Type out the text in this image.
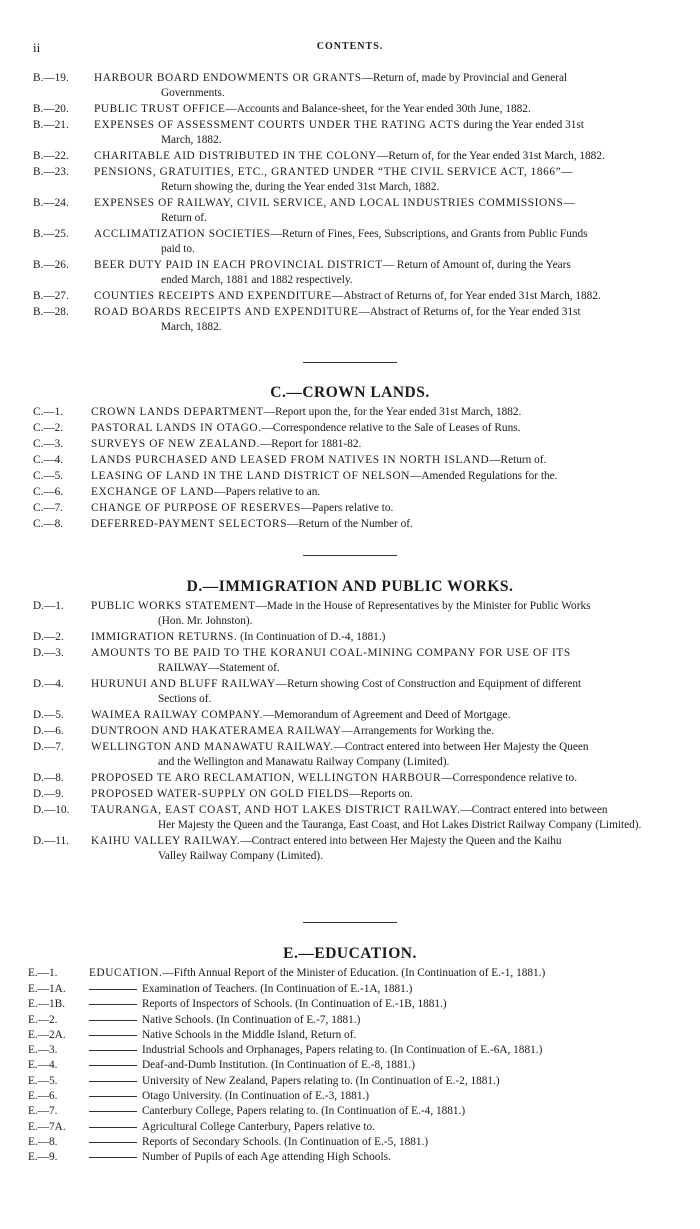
ii	CONTENTS.
B.—19. HARBOUR BOARD ENDOWMENTS OR GRANTS—Return of, made by Provincial and General
Governments.
B.—20. PUBLIC TRUST OFFICE—Accounts and Balance-sheet, for the Year ended 30th June, 1882.
B.—21. EXPENSES OF ASSESSMENT COURTS UNDER THE RATING ACTS during the Year ended 31st
March, 1882.
B.—22. CHARITABLE AID DISTRIBUTED IN THE COLONY—Return of, for the Year ended 31st March, 1882.
B.—23. PENSIONS, GRATUITIES, ETC., GRANTED UNDER “THE CIVIL SERVICE ACT, 1866”—
Return showing the, during the Year ended 31st March, 1882.
B.—24. EXPENSES OF RAILWAY, CIVIL SERVICE, AND LOCAL INDUSTRIES COMMISSIONS—
Return of.
B.—25. ACCLIMATIZATION SOCIETIES—Return of Fines, Fees, Subscriptions, and Grants from Public Funds
paid to.
B.—26. BEER DUTY PAID IN EACH PROVINCIAL DISTRICT— Return of Amount of, during the Years
ended March, 1881 and 1882 respectively.
B.—27. COUNTIES RECEIPTS AND EXPENDITURE—Abstract of Returns of, for Year ended 31st March, 1882.
B.—28. ROAD BOARDS RECEIPTS AND EXPENDITURE—Abstract of Returns of, for the Year ended 31st
March, 1882.
C.—CROWN LANDS.
C.—1. CROWN LANDS DEPARTMENT—Report upon the, for the Year ended 31st March, 1882.
C.—2. PASTORAL LANDS IN OTAGO.—Correspondence relative to the Sale of Leases of Runs.
C.—3. SURVEYS OF NEW ZEALAND.—Report for 1881-82.
C.—4. LANDS PURCHASED AND LEASED FROM NATIVES IN NORTH ISLAND—Return of.
C.—5. LEASING OF LAND IN THE LAND DISTRICT OF NELSON—Amended Regulations for the.
C.—6. EXCHANGE OF LAND—Papers relative to an.
C.—7. CHANGE OF PURPOSE OF RESERVES—Papers relative to.
C.—8. DEFERRED-PAYMENT SELECTORS—Return of the Number of.
D.—IMMIGRATION AND PUBLIC WORKS.
D.—1. PUBLIC WORKS STATEMENT—Made in the House of Representatives by the Minister for Public Works
(Hon. Mr. Johnston).
D.—2. IMMIGRATION RETURNS. (In Continuation of D.-4, 1881.)
D.—3. AMOUNTS TO BE PAID TO THE KORANUI COAL-MINING COMPANY FOR USE OF ITS
RAILWAY—Statement of.
D.—4. HURUNUI AND BLUFF RAILWAY—Return showing Cost of Construction and Equipment of different
Sections of.
D.—5. WAIMEA RAILWAY COMPANY.—Memorandum of Agreement and Deed of Mortgage.
D.—6. DUNTROON AND HAKATERAMEA RAILWAY—Arrangements for Working the.
D.—7. WELLINGTON AND MANAWATU RAILWAY.—Contract entered into between Her Majesty the Queen
and the Wellington and Manawatu Railway Company (Limited).
D.—8. PROPOSED TE ARO RECLAMATION, WELLINGTON HARBOUR—Correspondence relative to.
D.—9. PROPOSED WATER-SUPPLY ON GOLD FIELDS—Reports on.
D.—10. TAURANGA, EAST COAST, AND HOT LAKES DISTRICT RAILWAY.—Contract entered into between
Her Majesty the Queen and the Tauranga, East Coast, and Hot Lakes District Railway Company (Limited).
D.—11. KAIHU VALLEY RAILWAY.—Contract entered into between Her Majesty the Queen and the Kaihu
Valley Railway Company (Limited).
E.—EDUCATION.
E.—1.	EDUCATION.—Fifth Annual Report of the Minister of Education. (In Continuation of E.-1, 1881.)
E.—1A.	Examination of Teachers. (In Continuation of E.-1A, 1881.)
E.—1B.	Reports of Inspectors of Schools. (In Continuation of E.-1B, 1881.)
E.—2.	Native Schools. (In Continuation of E.-7, 1881.)
E.—2A.	Native Schools in the Middle Island, Return of.
E.—3.	Industrial Schools and Orphanages, Papers relating to. (In Continuation of E.-6A, 1881.)
E.—4.	Deaf-and-Dumb Institution. (In Continuation of E.-8, 1881.)
E.—5.	University of New Zealand, Papers relating to. (In Continuation of E.-2, 1881.)
E.—6.	Otago University. (In Continuation of E.-3, 1881.)
E.—7.	Canterbury College, Papers relating to. (In Continuation of E.-4, 1881.)
E.—7A.	Agricultural College Canterbury, Papers relative to.
E.—8.	Reports of Secondary Schools. (In Continuation of E.-5, 1881.)
E.—9.	Number of Pupils of each Age attending High Schools.
